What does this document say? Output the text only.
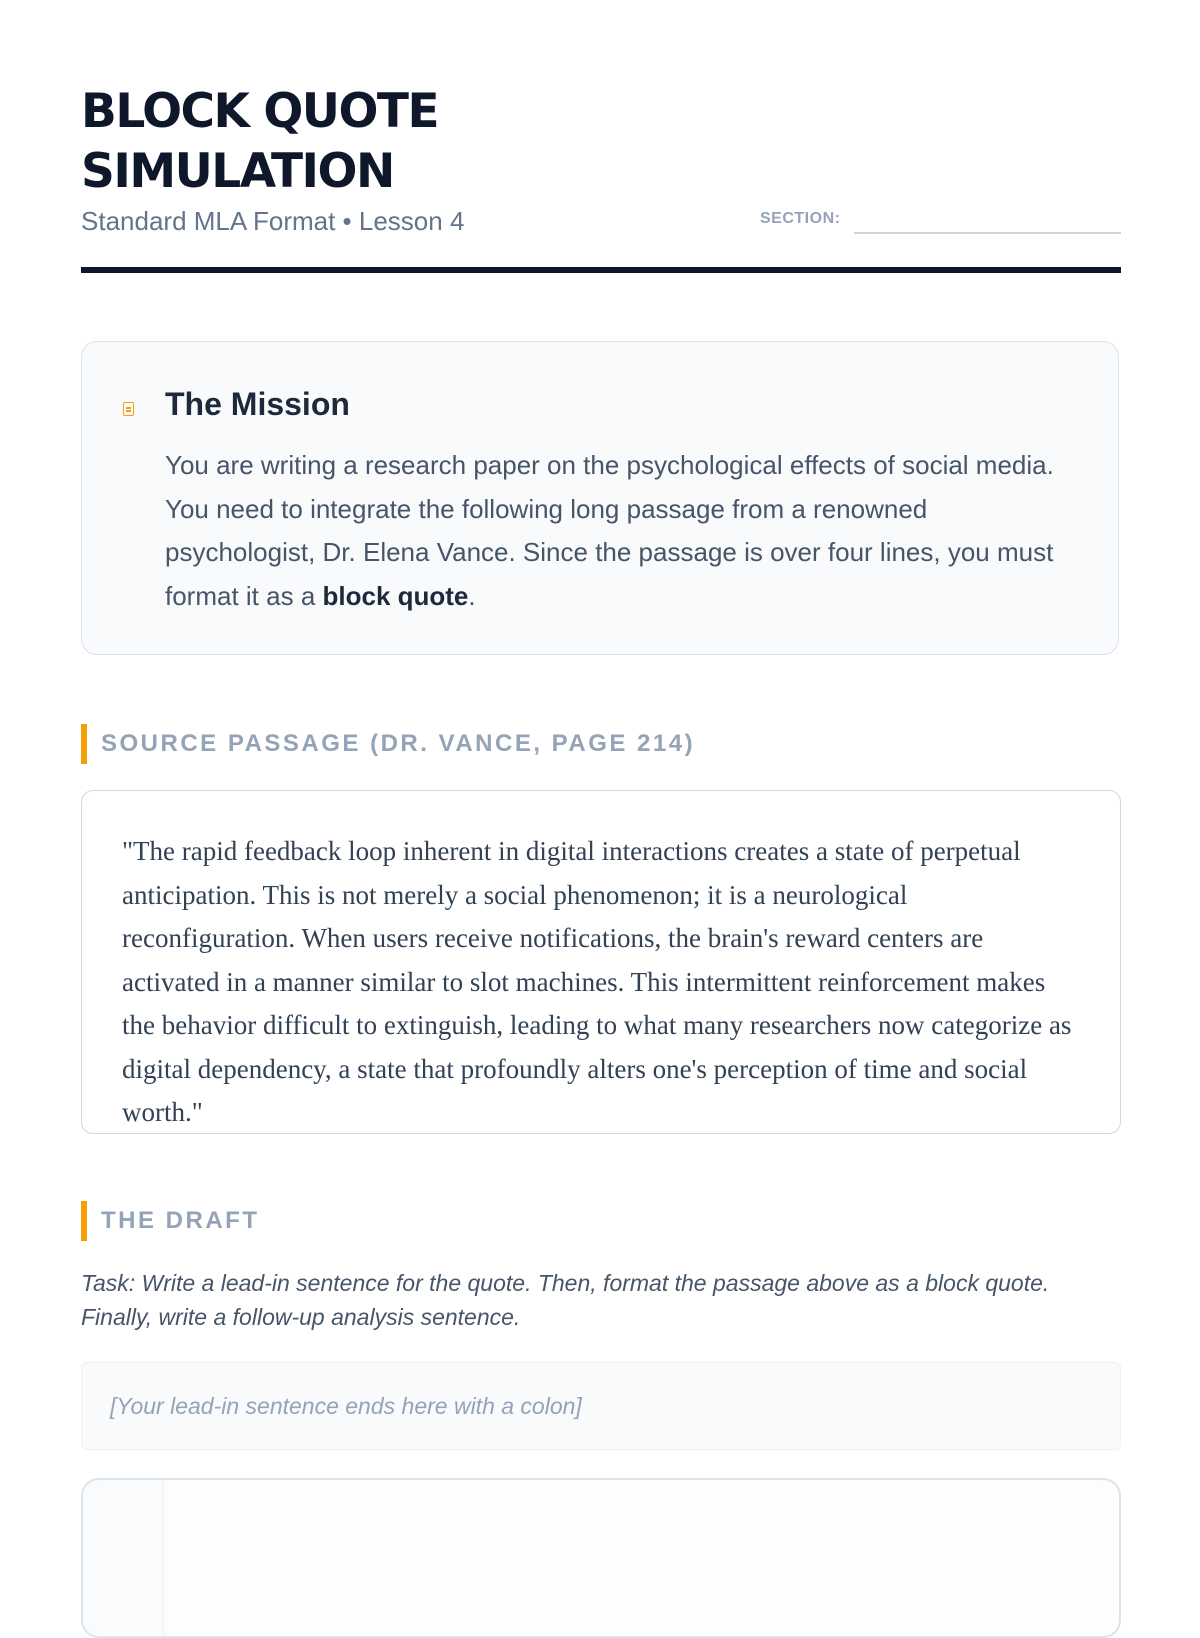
BLOCK QUOTE SIMULATION
Standard MLA Format • Lesson 4	SECTION:
The Mission

You are writing a research paper on the psychological effects of social media. You need to integrate the following long passage from a renowned psychologist, Dr. Elena Vance. Since the passage is over four lines, you must format it as a block quote.

SOURCE PASSAGE (DR. VANCE, PAGE 214)

"The rapid feedback loop inherent in digital interactions creates a state of perpetual anticipation. This is not merely a social phenomenon; it is a neurological reconfiguration. When users receive notifications, the brain's reward centers are activated in a manner similar to slot machines. This intermittent reinforcement makes the behavior difficult to extinguish, leading to what many researchers now categorize as digital dependency, a state that profoundly alters one's perception of time and social worth."

THE DRAFT

Task: Write a lead-in sentence for the quote. Then, format the passage above as a block quote. Finally, write a follow-up analysis sentence.

[Your lead-in sentence ends here with a colon]
